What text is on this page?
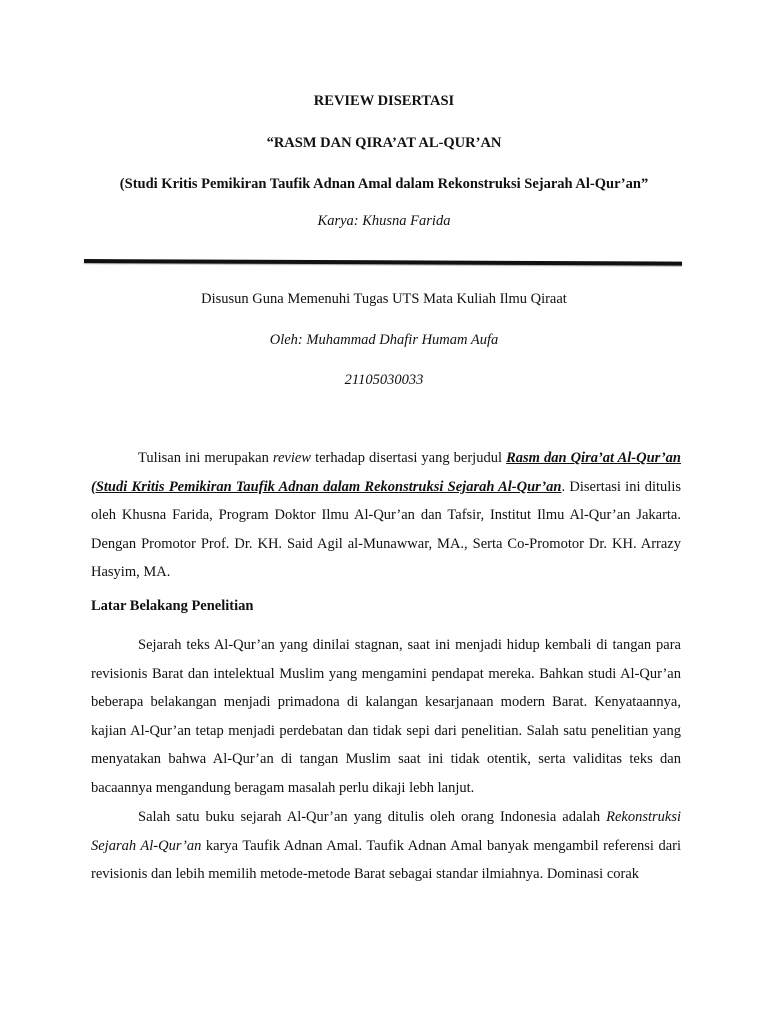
REVIEW DISERTASI
“RASM DAN QIRA’AT AL-QUR’AN
(Studi Kritis Pemikiran Taufik Adnan Amal dalam Rekonstruksi Sejarah Al-Qur’an”
Karya: Khusna Farida
Disusun Guna Memenuhi Tugas UTS Mata Kuliah Ilmu Qiraat
Oleh: Muhammad Dhafir Humam Aufa
21105030033
Tulisan ini merupakan review terhadap disertasi yang berjudul Rasm dan Qira’at Al-Qur’an (Studi Kritis Pemikiran Taufik Adnan dalam Rekonstruksi Sejarah Al-Qur’an. Disertasi ini ditulis oleh Khusna Farida, Program Doktor Ilmu Al-Qur’an dan Tafsir, Institut Ilmu Al-Qur’an Jakarta. Dengan Promotor Prof. Dr. KH. Said Agil al-Munawwar, MA., Serta Co-Promotor Dr. KH. Arrazy Hasyim, MA.
Latar Belakang Penelitian
Sejarah teks Al-Qur’an yang dinilai stagnan, saat ini menjadi hidup kembali di tangan para revisionis Barat dan intelektual Muslim yang mengamini pendapat mereka. Bahkan studi Al-Qur’an beberapa belakangan menjadi primadona di kalangan kesarjanaan modern Barat. Kenyataannya, kajian Al-Qur’an tetap menjadi perdebatan dan tidak sepi dari penelitian. Salah satu penelitian yang menyatakan bahwa Al-Qur’an di tangan Muslim saat ini tidak otentik, serta validitas teks dan bacaannya mengandung beragam masalah perlu dikaji lebh lanjut.
Salah satu buku sejarah Al-Qur’an yang ditulis oleh orang Indonesia adalah Rekonstruksi Sejarah Al-Qur’an karya Taufik Adnan Amal. Taufik Adnan Amal banyak mengambil referensi dari revisionis dan lebih memilih metode-metode Barat sebagai standar ilmiahnya. Dominasi corak
